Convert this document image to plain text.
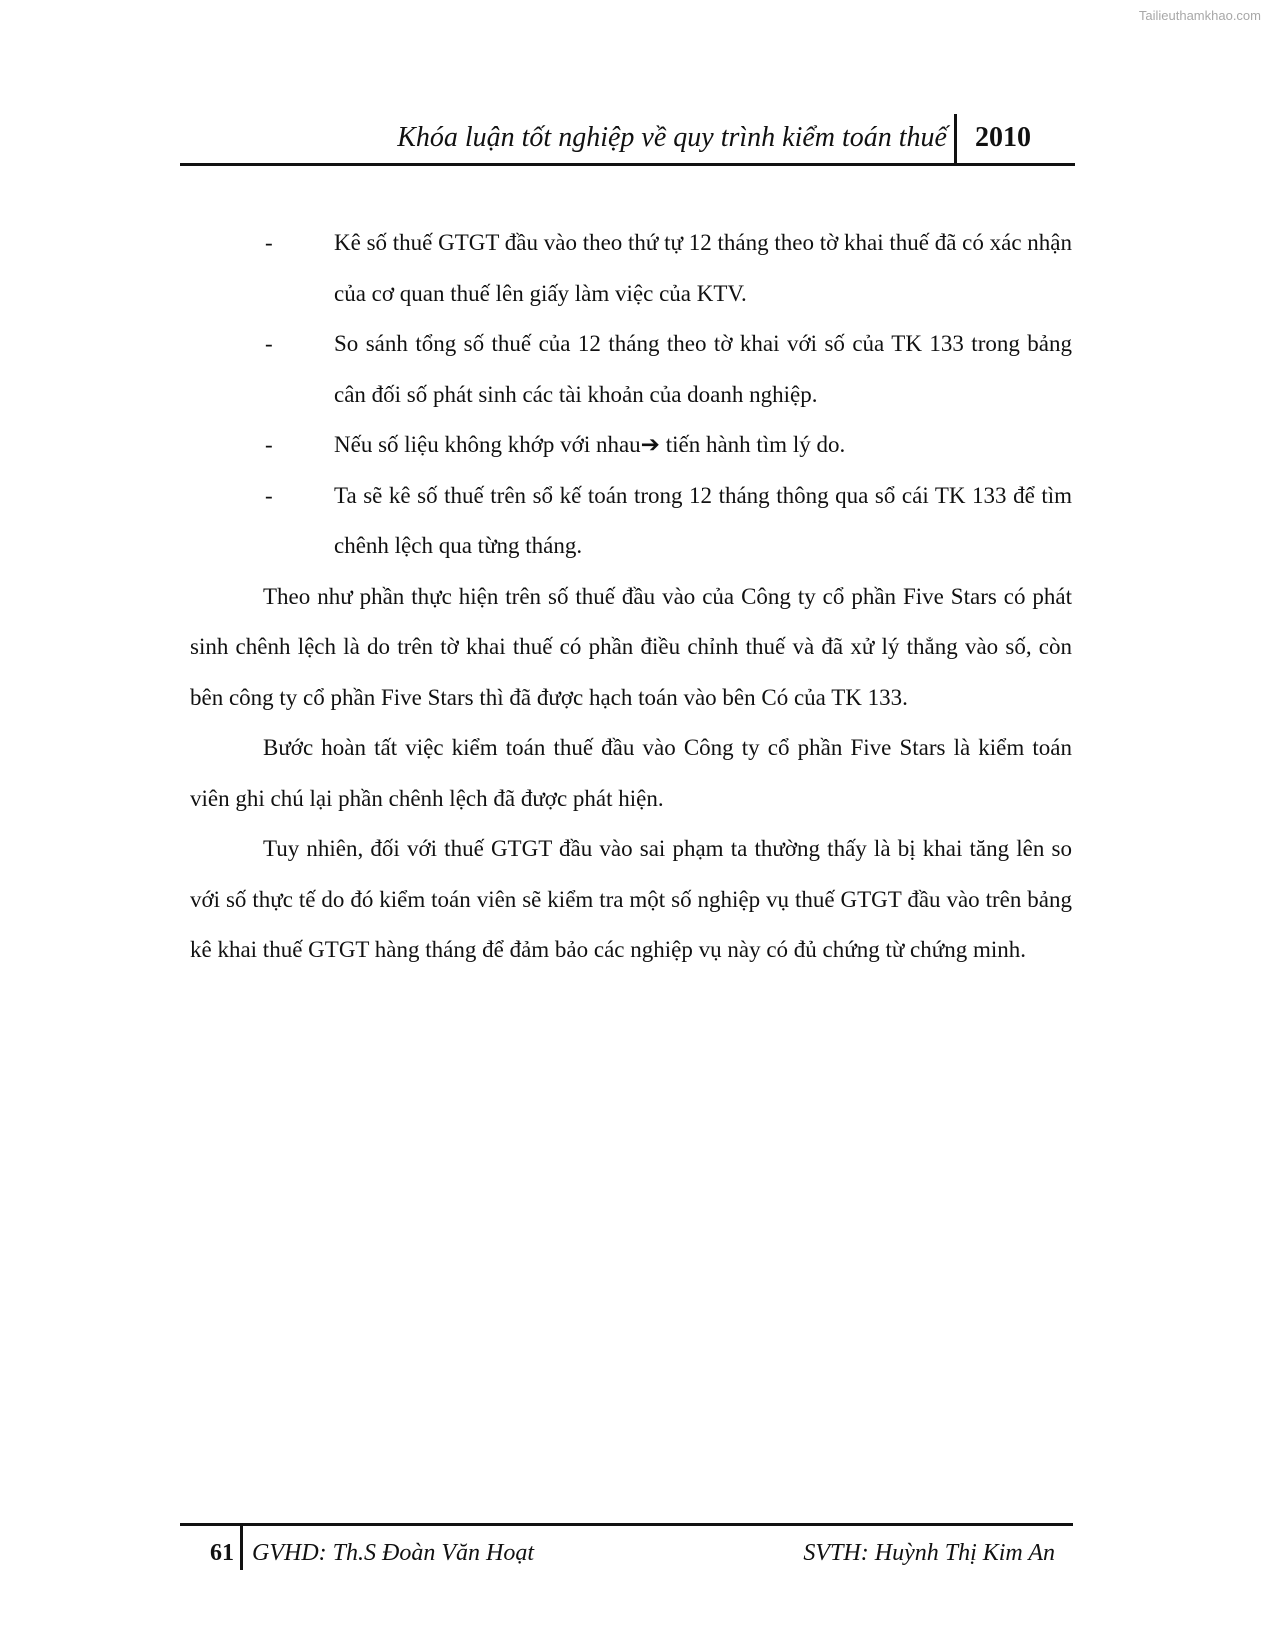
Tailieuthamkhao.com
Khóa luận tốt nghiệp về quy trình kiểm toán thuế 2010

-	Kê số thuế GTGT đầu vào theo thứ tự 12 tháng theo tờ khai thuế đã có xác nhận của cơ quan thuế lên giấy làm việc của KTV.

-	So sánh tổng số thuế của 12 tháng theo tờ khai với số của TK 133 trong bảng cân đối số phát sinh các tài khoản của doanh nghiệp.

-	Nếu số liệu không khớp với nhau➔ tiến hành tìm lý do.

-	Ta sẽ kê số thuế trên sổ kế toán trong 12 tháng thông qua sổ cái TK 133 để tìm chênh lệch qua từng tháng.

Theo như phần thực hiện trên số thuế đầu vào của Công ty cổ phần Five Stars có phát sinh chênh lệch là do trên tờ khai thuế có phần điều chỉnh thuế và đã xử lý thẳng vào số, còn bên công ty cổ phần Five Stars thì đã được hạch toán vào bên Có của TK 133.

Bước hoàn tất việc kiểm toán thuế đầu vào Công ty cổ phần Five Stars là kiểm toán viên ghi chú lại phần chênh lệch đã được phát hiện.

Tuy nhiên, đối với thuế GTGT đầu vào sai phạm ta thường thấy là bị khai tăng lên so với số thực tế do đó kiểm toán viên sẽ kiểm tra một số nghiệp vụ thuế GTGT đầu vào trên bảng kê khai thuế GTGT hàng tháng để đảm bảo các nghiệp vụ này có đủ chứng từ chứng minh.

61 GVHD: Th.S Đoàn Văn Hoạt	SVTH: Huỳnh Thị Kim An
